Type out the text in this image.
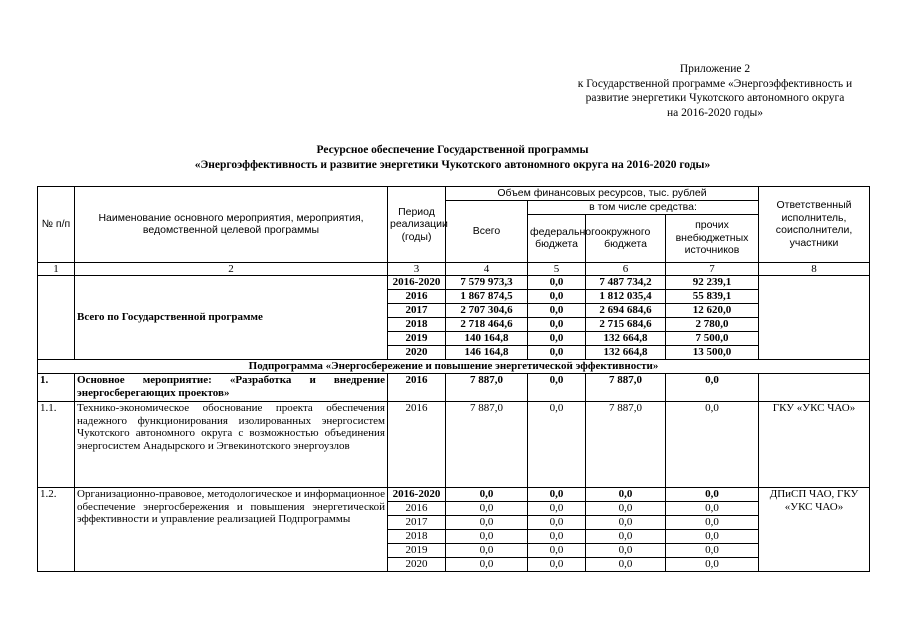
Приложение 2
к Государственной программе «Энергоэффективность и
развитие энергетики Чукотского автономного округа
на 2016-2020 годы»
Ресурсное обеспечение Государственной программы
«Энергоэффективность и развитие энергетики Чукотского автономного округа на 2016-2020 годы»
№ п/п	Наименование основного мероприятия, мероприятия, ведомственной целевой программы	Период реализации (годы)	Объем финансовых ресурсов, тыс. рублей				Ответственный исполнитель, соисполнители, участники
			Всего	в том числе средства:			
				федерального бюджета	окружного бюджета	прочих внебюджетных источников	
1	2	3	4	5	6	7	8
	Всего по Государственной программе	2016-2020	7 579 973,3	0,0	7 487 734,2	92 239,1	
		2016	1 867 874,5	0,0	1 812 035,4	55 839,1	
		2017	2 707 304,6	0,0	2 694 684,6	12 620,0	
		2018	2 718 464,6	0,0	2 715 684,6	2 780,0	
		2019	140 164,8	0,0	132 664,8	7 500,0	
		2020	146 164,8	0,0	132 664,8	13 500,0	
Подпрограмма «Энергосбережение и повышение энергетической эффективности»							
1.	Основное мероприятие: «Разработка и внедрение энергосберегающих проектов»	2016	7 887,0	0,0	7 887,0	0,0	
1.1.	Технико-экономическое обоснование проекта обеспечения надежного функционирования изолированных энергосистем Чукотского автономного округа с возможностью объединения энергосистем Анадырского и Эгвекинотского энергоузлов	2016	7 887,0	0,0	7 887,0	0,0	ГКУ «УКС ЧАО»
1.2.	Организационно-правовое, методологическое и информационное обеспечение энергосбережения и повышения энергетической эффективности и управление реализацией Подпрограммы	2016-2020	0,0	0,0	0,0	0,0	ДПиСП ЧАО, ГКУ «УКС ЧАО»
		2016	0,0	0,0	0,0	0,0	
		2017	0,0	0,0	0,0	0,0	
		2018	0,0	0,0	0,0	0,0	
		2019	0,0	0,0	0,0	0,0	
		2020	0,0	0,0	0,0	0,0	
